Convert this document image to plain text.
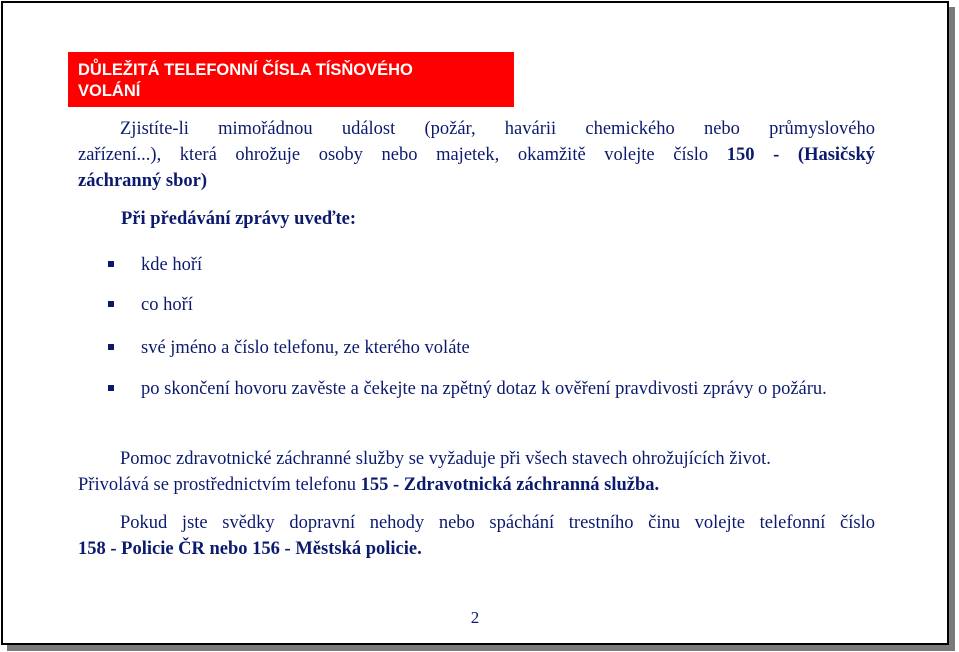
DŮLEŽITÁ TELEFONNÍ ČÍSLA TÍSŇOVÉHO
VOLÁNÍ
Zjistíte-li mimořádnou událost (požár, havárii chemického nebo průmyslového
zařízení...), která ohrožuje osoby nebo majetek, okamžitě volejte číslo 150 - (Hasičský
záchranný sbor)
Při předávání zprávy uveďte:
kde hoří
co hoří
své jméno a číslo telefonu, ze kterého voláte
po skončení hovoru zavěste a čekejte na zpětný dotaz k ověření pravdivosti zprávy o požáru.
Pomoc zdravotnické záchranné služby se vyžaduje při všech stavech ohrožujících život.
Přivolává se prostřednictvím telefonu 155 - Zdravotnická záchranná služba.
Pokud jste svědky dopravní nehody nebo spáchání trestního činu volejte telefonní číslo
158 - Policie ČR nebo 156 - Městská policie.
2
